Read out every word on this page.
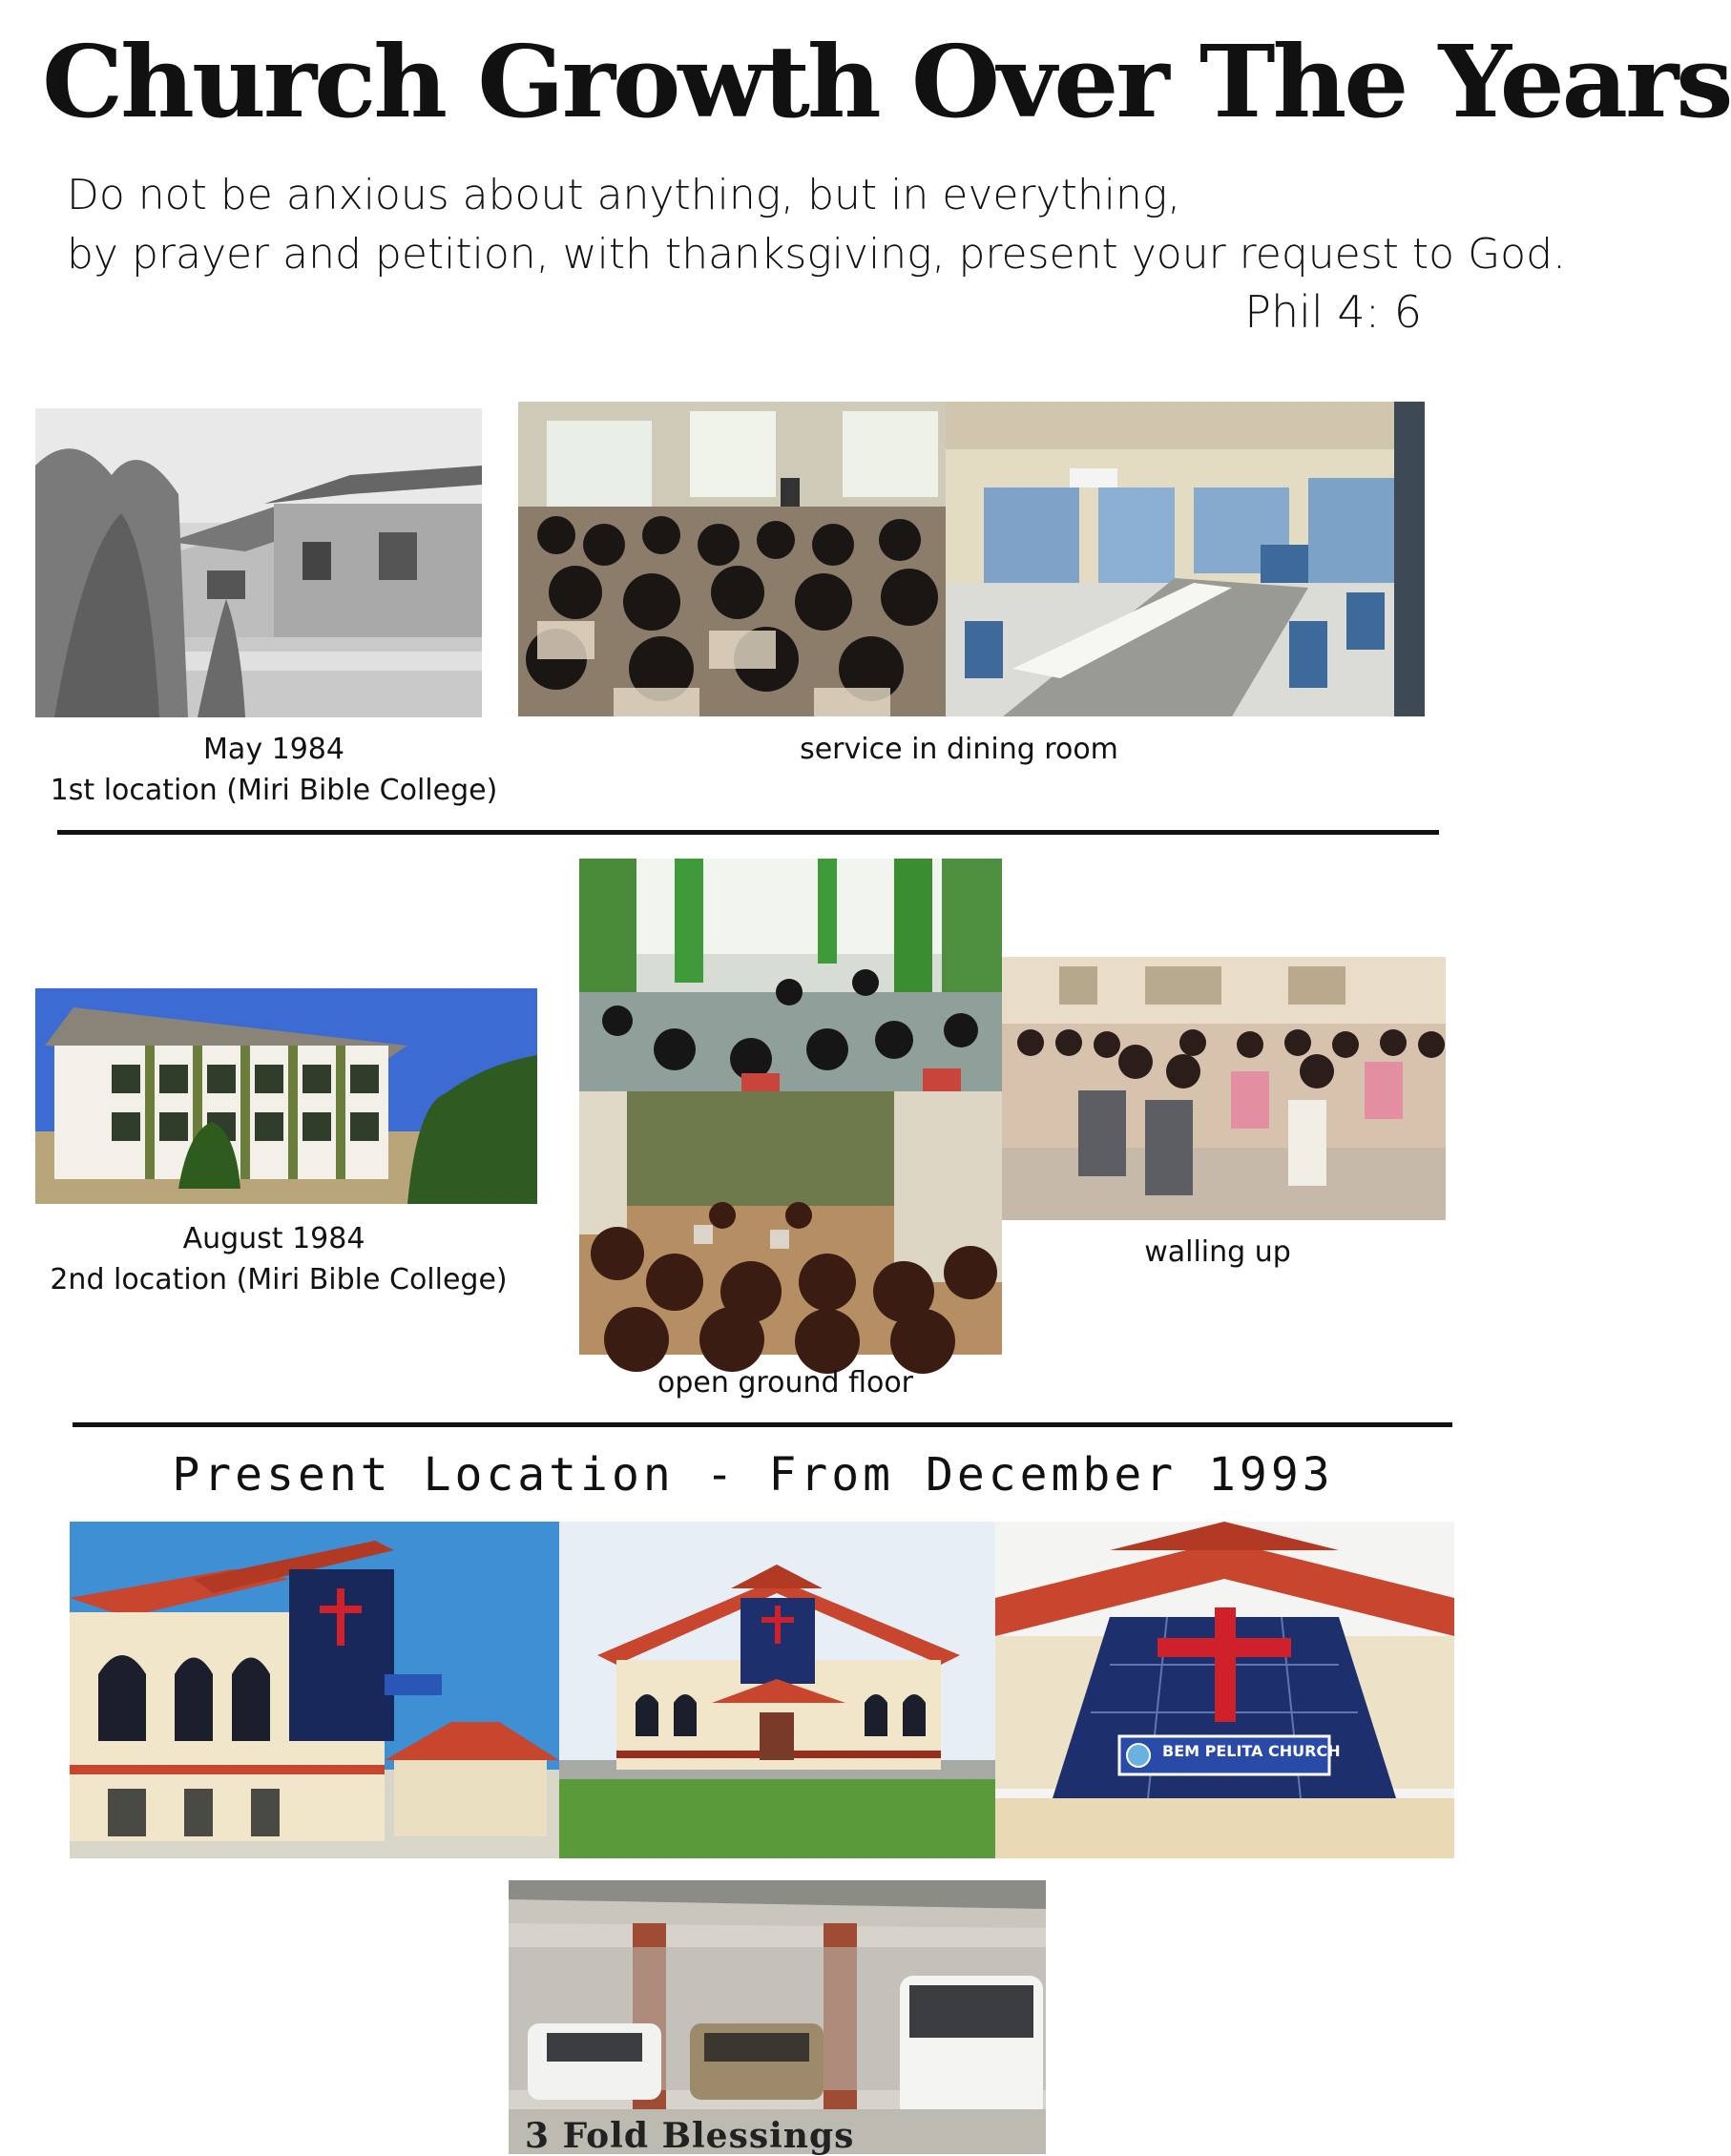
Church Growth Over The Years
Do not be anxious about anything, but in everything,
by prayer and petition, with thanksgiving, present your request to God.
Phil 4: 6
May 1984
1st location (Miri Bible College)
service in dining room
August 1984
2nd location (Miri Bible College)
walling up
open ground floor
Present Location - From December 1993
BEM PELITA CHURCH
3 Fold Blessings
